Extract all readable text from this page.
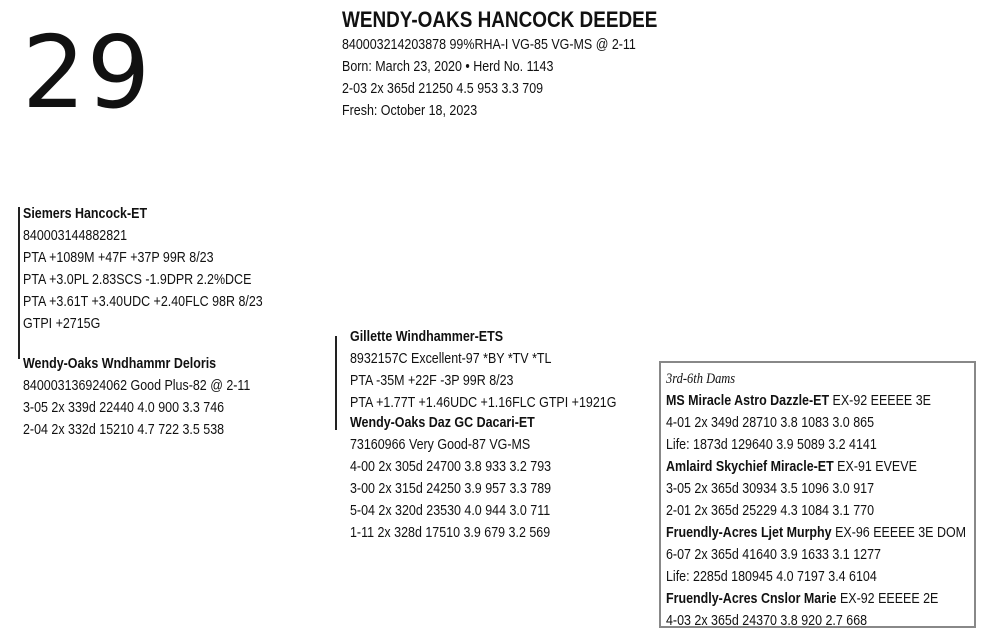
29	WENDY-OAKS HANCOCK DEEDEE
840003214203878 99%RHA-I VG-85 VG-MS @ 2-11
Born: March 23, 2020 • Herd No. 1143
2-03 2x 365d 21250 4.5 953 3.3 709
Fresh: October 18, 2023
Siemers Hancock-ET
840003144882821
PTA +1089M +47F +37P 99R 8/23
PTA +3.0PL 2.83SCS -1.9DPR 2.2%DCE
PTA +3.61T +3.40UDC +2.40FLC 98R 8/23
GTPI +2715G
Wendy-Oaks Wndhammr Deloris
840003136924062 Good Plus-82 @ 2-11
3-05 2x 339d 22440 4.0 900 3.3 746
2-04 2x 332d 15210 4.7 722 3.5 538
Gillette Windhammer-ETS
8932157C Excellent-97 *BY *TV *TL
PTA -35M +22F -3P 99R 8/23
PTA +1.77T +1.46UDC +1.16FLC GTPI +1921G
Wendy-Oaks Daz GC Dacari-ET
73160966 Very Good-87 VG-MS
4-00 2x 305d 24700 3.8 933 3.2 793
3-00 2x 315d 24250 3.9 957 3.3 789
5-04 2x 320d 23530 4.0 944 3.0 711
1-11 2x 328d 17510 3.9 679 3.2 569
3rd-6th Dams
MS Miracle Astro Dazzle-ET EX-92 EEEEE 3E
4-01 2x 349d 28710 3.8 1083 3.0 865
Life: 1873d 129640 3.9 5089 3.2 4141
Amlaird Skychief Miracle-ET EX-91 EVEVE
3-05 2x 365d 30934 3.5 1096 3.0 917
2-01 2x 365d 25229 4.3 1084 3.1 770
Fruendly-Acres Ljet Murphy EX-96 EEEEE 3E DOM
6-07 2x 365d 41640 3.9 1633 3.1 1277
Life: 2285d 180945 4.0 7197 3.4 6104
Fruendly-Acres Cnslor Marie EX-92 EEEEE 2E
4-03 2x 365d 24370 3.8 920 2.7 668
